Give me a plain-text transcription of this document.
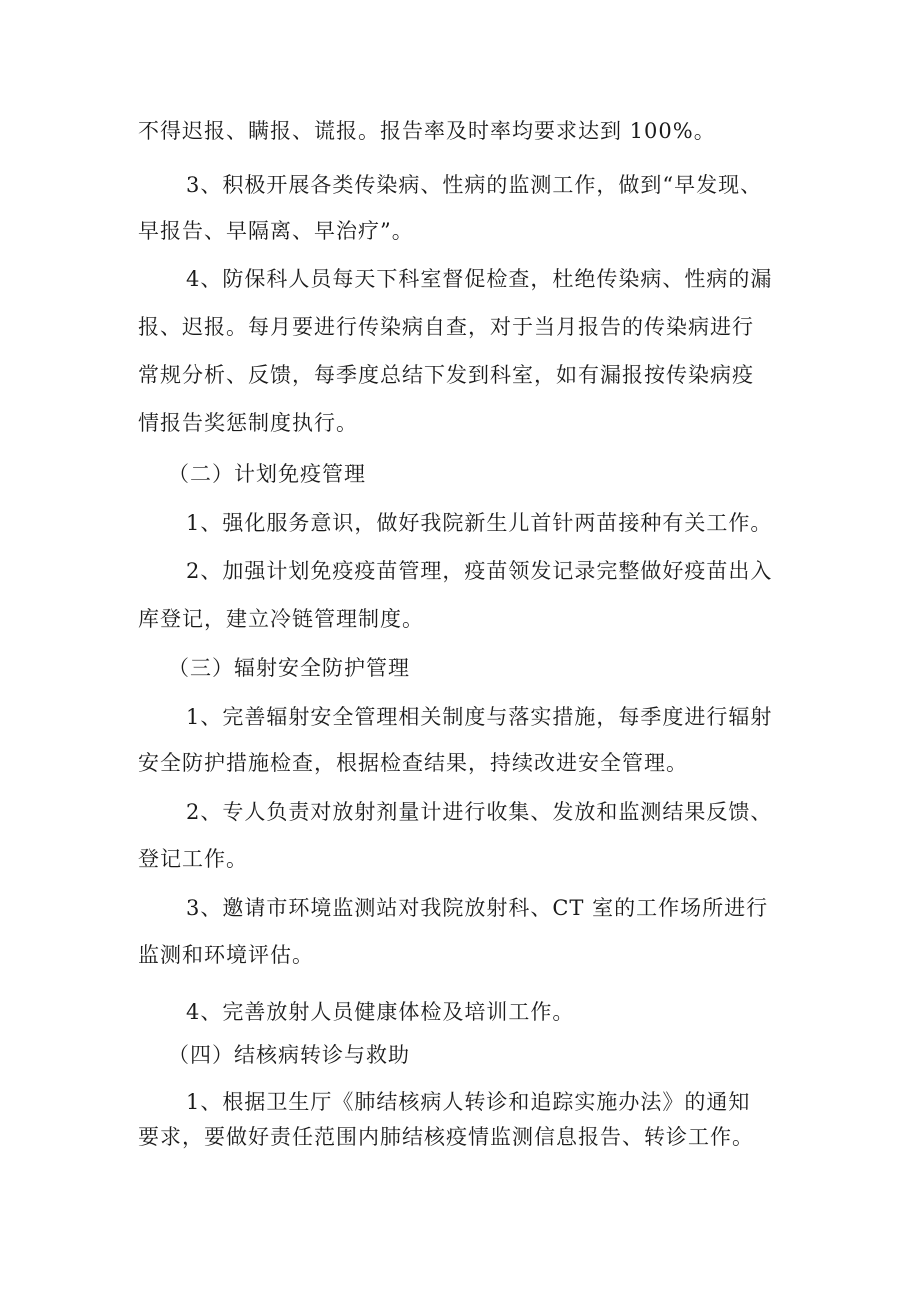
不得迟报、瞒报、谎报。报告率及时率均要求达到 100%。
3、积极开展各类传染病、性病的监测工作，做到“早发现、
早报告、早隔离、早治疗”。
4、防保科人员每天下科室督促检查，杜绝传染病、性病的漏
报、迟报。每月要进行传染病自查，对于当月报告的传染病进行
常规分析、反馈，每季度总结下发到科室，如有漏报按传染病疫
情报告奖惩制度执行。
（二）计划免疫管理
1、强化服务意识，做好我院新生儿首针两苗接种有关工作。
2、加强计划免疫疫苗管理，疫苗领发记录完整做好疫苗出入
库登记，建立冷链管理制度。
（三）辐射安全防护管理
1、完善辐射安全管理相关制度与落实措施，每季度进行辐射
安全防护措施检查，根据检查结果，持续改进安全管理。
2、专人负责对放射剂量计进行收集、发放和监测结果反馈、
登记工作。
3、邀请市环境监测站对我院放射科、CT 室的工作场所进行
监测和环境评估。
4、完善放射人员健康体检及培训工作。
（四）结核病转诊与救助
1、根据卫生厅《肺结核病人转诊和追踪实施办法》的通知
要求，要做好责任范围内肺结核疫情监测信息报告、转诊工作。
